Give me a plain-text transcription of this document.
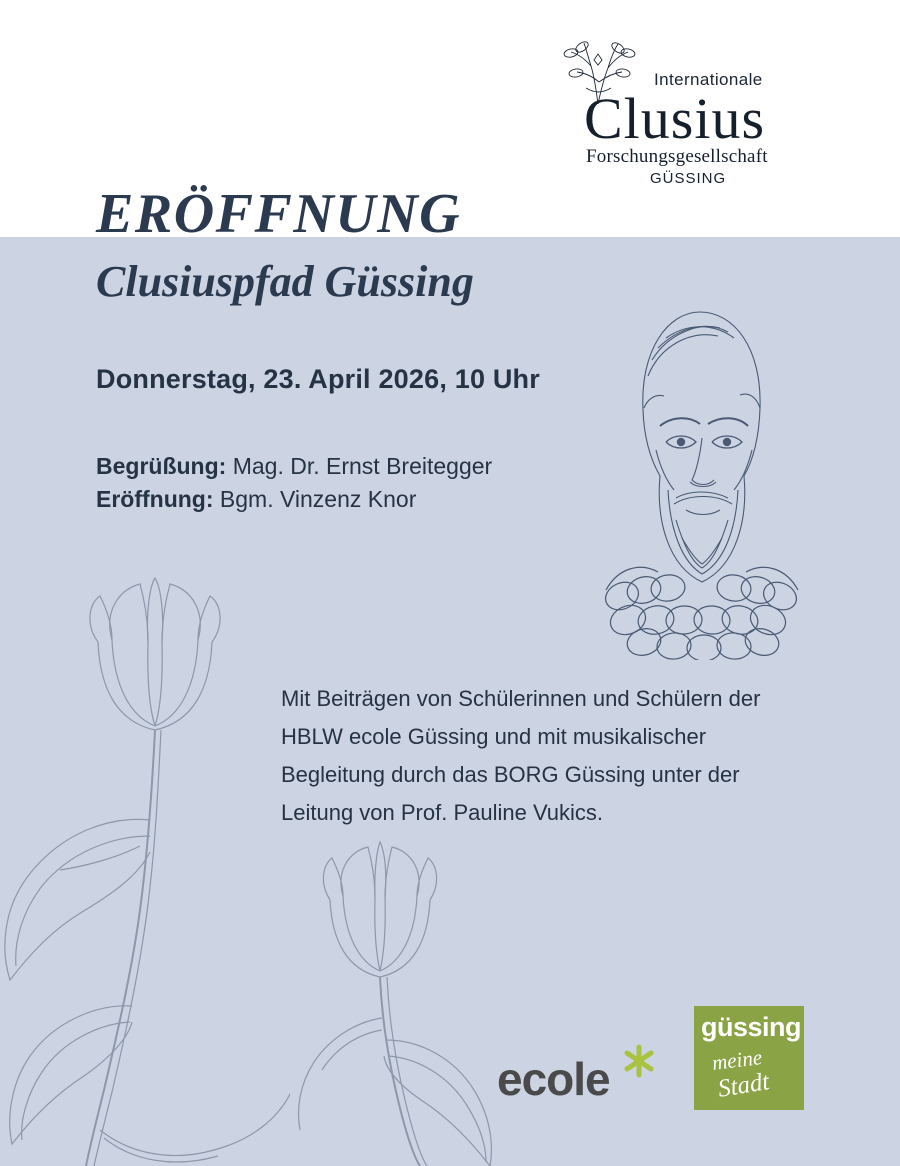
Internationale
Clusius
Forschungsgesellschaft
GÜSSING
ERÖFFNUNG
Clusiuspfad Güssing
Donnerstag, 23. April 2026, 10 Uhr
Begrüßung: Mag. Dr. Ernst Breitegger
Eröffnung: Bgm. Vinzenz Knor
Mit Beiträgen von Schülerinnen und Schülern der HBLW ecole Güssing und mit musikalischer Begleitung durch das BORG Güssing unter der Leitung von Prof. Pauline Vukics.
ecole
güssing
meine
Stadt
